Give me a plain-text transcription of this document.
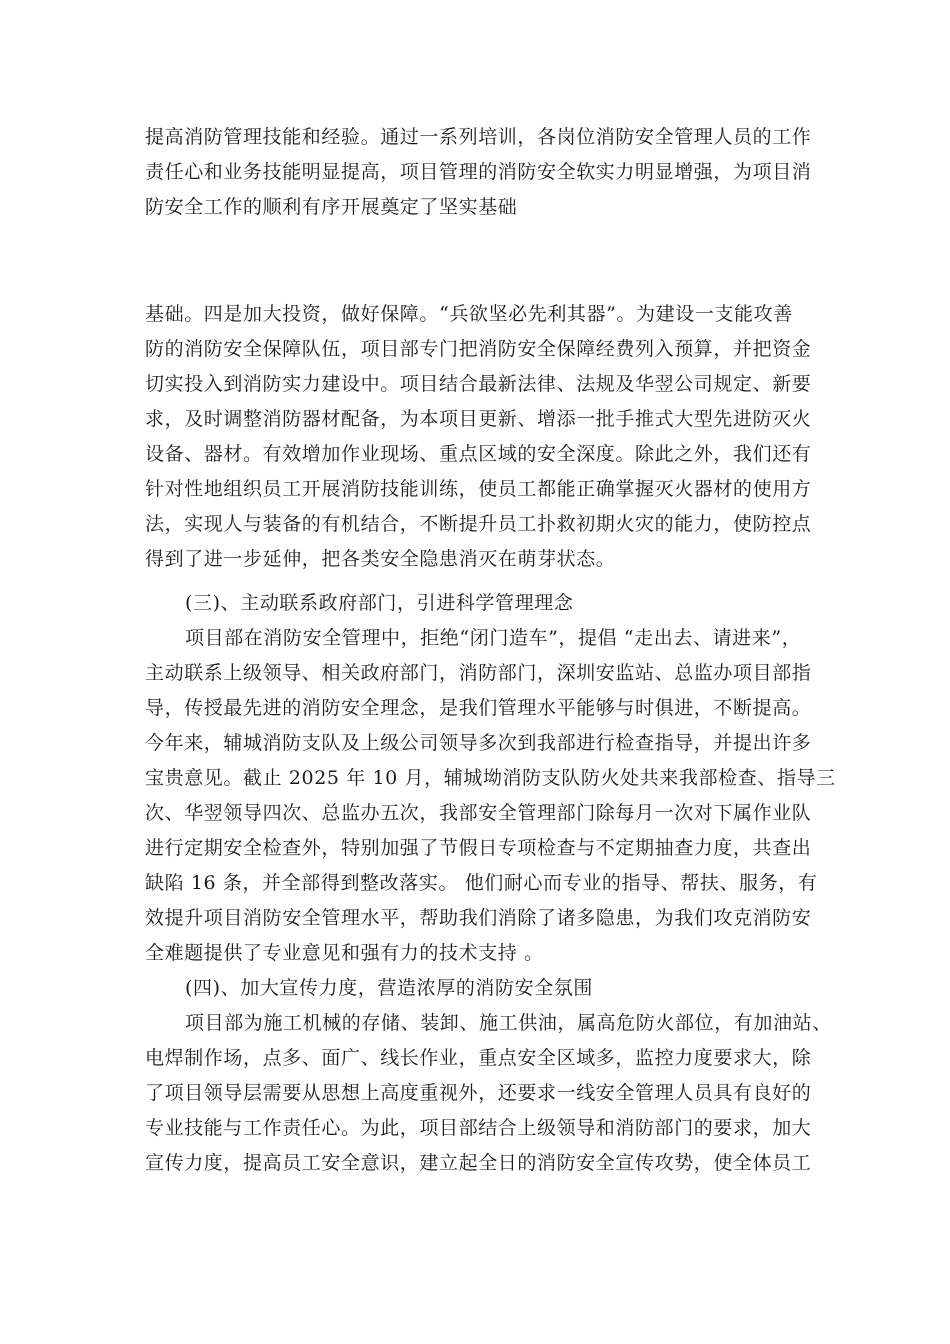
提高消防管理技能和经验。通过一系列培训，各岗位消防安全管理人员的工作
责任心和业务技能明显提高，项目管理的消防安全软实力明显增强，为项目消
防安全工作的顺利有序开展奠定了坚实基础
基础。四是加大投资，做好保障。“兵欲坚必先利其器”。为建设一支能攻善
防的消防安全保障队伍，项目部专门把消防安全保障经费列入预算，并把资金
切实投入到消防实力建设中。项目结合最新法律、法规及华翌公司规定、新要
求，及时调整消防器材配备，为本项目更新、增添一批手推式大型先进防灭火
设备、器材。有效增加作业现场、重点区域的安全深度。除此之外，我们还有
针对性地组织员工开展消防技能训练，使员工都能正确掌握灭火器材的使用方
法，实现人与装备的有机结合，不断提升员工扑救初期火灾的能力，使防控点
得到了进一步延伸，把各类安全隐患消灭在萌芽状态。
(三)、主动联系政府部门，引进科学管理理念
项目部在消防安全管理中，拒绝“闭门造车”，提倡 “走出去、请进来”，
主动联系上级领导、相关政府部门，消防部门，深圳安监站、总监办项目部指
导，传授最先进的消防安全理念，是我们管理水平能够与时俱进，不断提高。
今年来，辅城消防支队及上级公司领导多次到我部进行检查指导，并提出许多
宝贵意见。截止 2025 年 10 月，辅城坳消防支队防火处共来我部检查、指导三
次、华翌领导四次、总监办五次，我部安全管理部门除每月一次对下属作业队
进行定期安全检查外，特别加强了节假日专项检查与不定期抽查力度，共查出
缺陷 16 条，并全部得到整改落实。 他们耐心而专业的指导、帮扶、服务，有
效提升项目消防安全管理水平，帮助我们消除了诸多隐患，为我们攻克消防安
全难题提供了专业意见和强有力的技术支持 。
(四)、加大宣传力度，营造浓厚的消防安全氛围
项目部为施工机械的存储、装卸、施工供油，属高危防火部位，有加油站、
电焊制作场，点多、面广、线长作业，重点安全区域多，监控力度要求大，除
了项目领导层需要从思想上高度重视外，还要求一线安全管理人员具有良好的
专业技能与工作责任心。为此，项目部结合上级领导和消防部门的要求，加大
宣传力度，提高员工安全意识，建立起全日的消防安全宣传攻势，使全体员工
